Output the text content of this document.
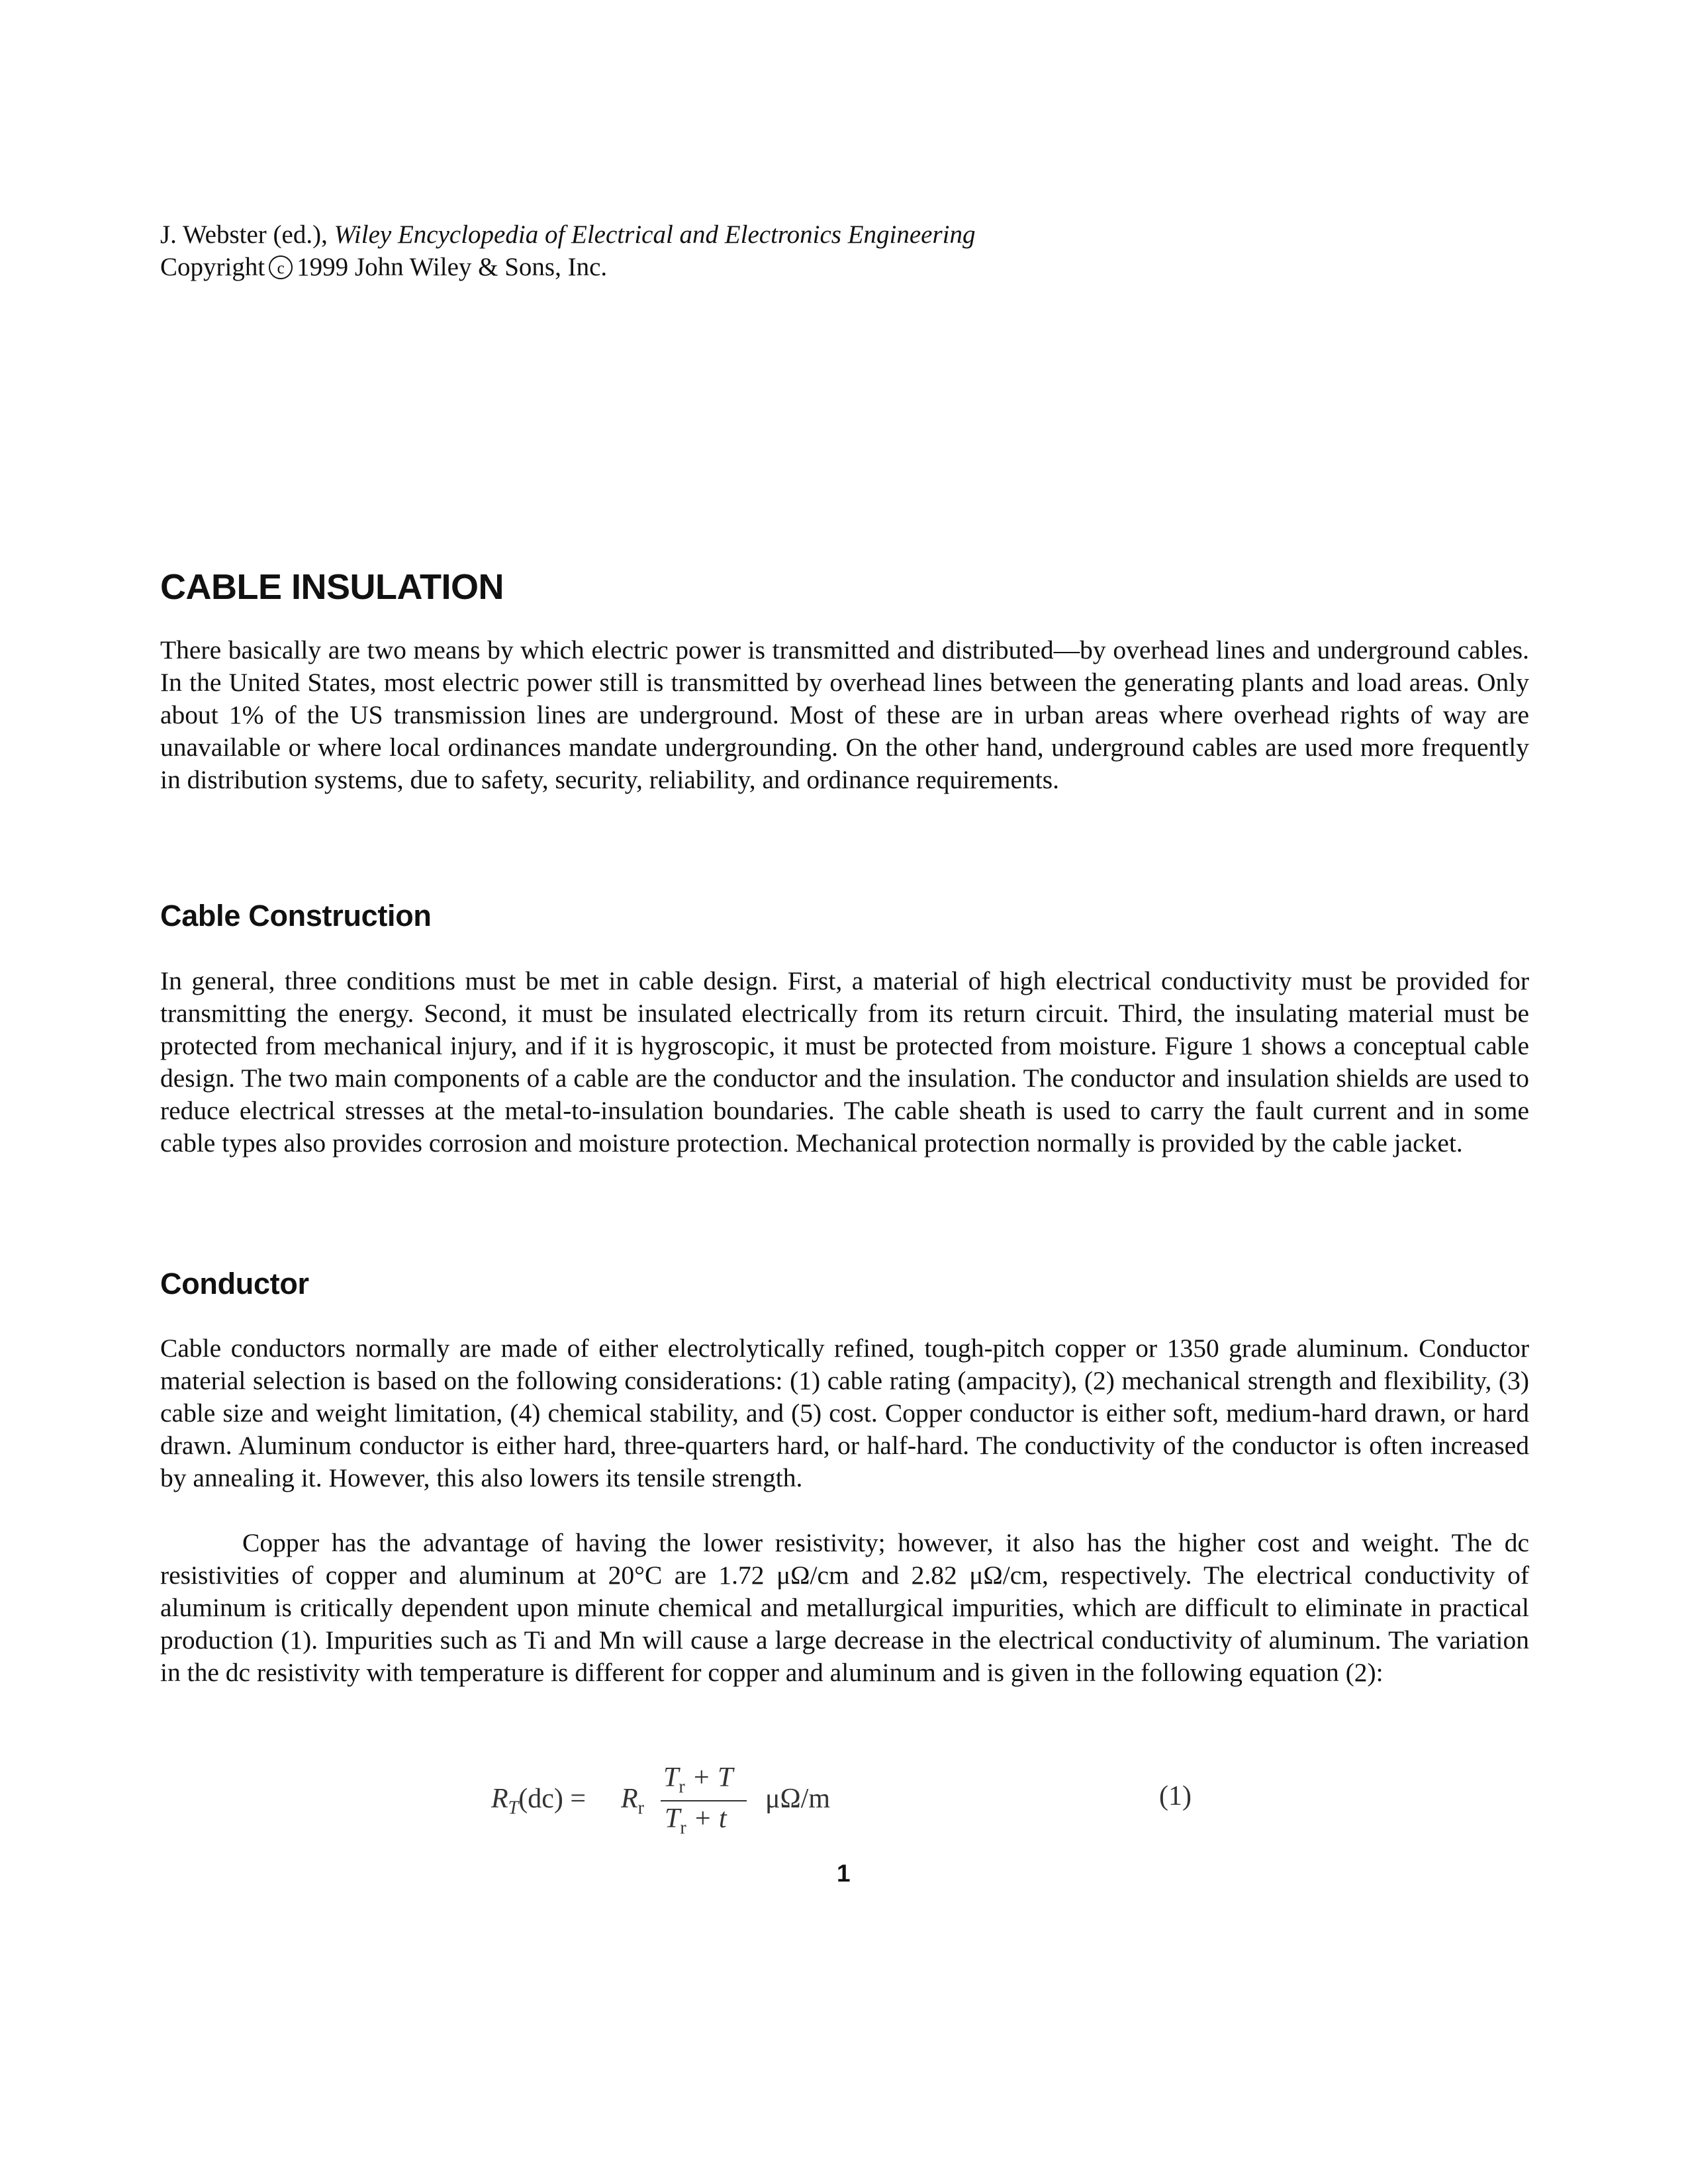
J. Webster (ed.), Wiley Encyclopedia of Electrical and Electronics Engineering
Copyright c 1999 John Wiley & Sons, Inc.
CABLE INSULATION

There basically are two means by which electric power is transmitted and distributed—by overhead lines and underground cables. In the United States, most electric power still is transmitted by overhead lines between the generating plants and load areas. Only about 1% of the US transmission lines are underground. Most of these are in urban areas where overhead rights of way are unavailable or where local ordinances mandate undergrounding. On the other hand, underground cables are used more frequently in distribution systems, due to safety, security, reliability, and ordinance requirements.

Cable Construction

In general, three conditions must be met in cable design. First, a material of high electrical conductivity must be provided for transmitting the energy. Second, it must be insulated electrically from its return circuit. Third, the insulating material must be protected from mechanical injury, and if it is hygroscopic, it must be protected from moisture. Figure 1 shows a conceptual cable design. The two main components of a cable are the conductor and the insulation. The conductor and insulation shields are used to reduce electrical stresses at the metal-to-insulation boundaries. The cable sheath is used to carry the fault current and in some cable types also provides corrosion and moisture protection. Mechanical protection normally is provided by the cable jacket.

Conductor

Cable conductors normally are made of either electrolytically refined, tough-pitch copper or 1350 grade aluminum. Conductor material selection is based on the following considerations: (1) cable rating (ampacity), (2) mechanical strength and flexibility, (3) cable size and weight limitation, (4) chemical stability, and (5) cost. Copper conductor is either soft, medium-hard drawn, or hard drawn. Aluminum conductor is either hard, three-quarters hard, or half-hard. The conductivity of the conductor is often increased by annealing it. However, this also lowers its tensile strength.

Copper has the advantage of having the lower resistivity; however, it also has the higher cost and weight. The dc resistivities of copper and aluminum at 20°C are 1.72 μΩ/cm and 2.82 μΩ/cm, respectively. The electrical conductivity of aluminum is critically dependent upon minute chemical and metallurgical impurities, which are difficult to eliminate in practical production (1). Impurities such as Ti and Mn will cause a large decrease in the electrical conductivity of aluminum. The variation in the dc resistivity with temperature is different for copper and aluminum and is given in the following equation (2):

$R_T(dc) = R_r$
$T_r + T$
$T_r + t$
μΩ/m	(1)
1
